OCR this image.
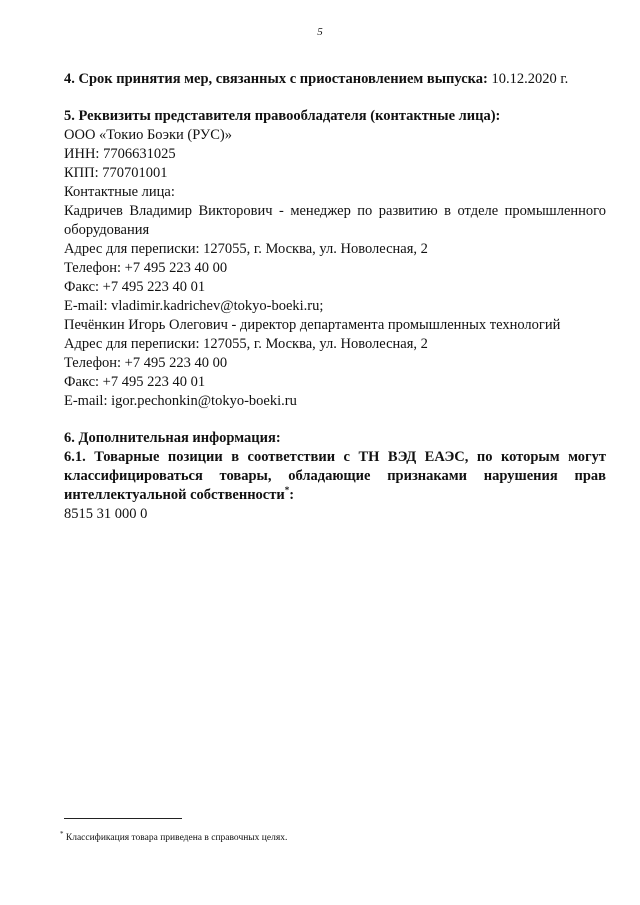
5
4. Срок принятия мер, связанных с приостановлением выпуска: 10.12.2020 г.
5. Реквизиты представителя правообладателя (контактные лица):
ООО «Токио Боэки (РУС)»
ИНН: 7706631025
КПП: 770701001
Контактные лица:
Кадричев Владимир Викторович - менеджер по развитию в отделе промышленного оборудования
Адрес для переписки: 127055, г. Москва, ул. Новолесная, 2
Телефон: +7 495 223 40 00
Факс: +7 495 223 40 01
E-mail: vladimir.kadrichev@tokyo-boeki.ru;
Печёнкин Игорь Олегович - директор департамента промышленных технологий
Адрес для переписки: 127055, г. Москва, ул. Новолесная, 2
Телефон: +7 495 223 40 00
Факс: +7 495 223 40 01
E-mail: igor.pechonkin@tokyo-boeki.ru
6. Дополнительная информация:
6.1. Товарные позиции в соответствии с ТН ВЭД ЕАЭС, по которым могут классифицироваться товары, обладающие признаками нарушения прав интеллектуальной собственности*:
8515 31 000 0
* Классификация товара приведена в справочных целях.
